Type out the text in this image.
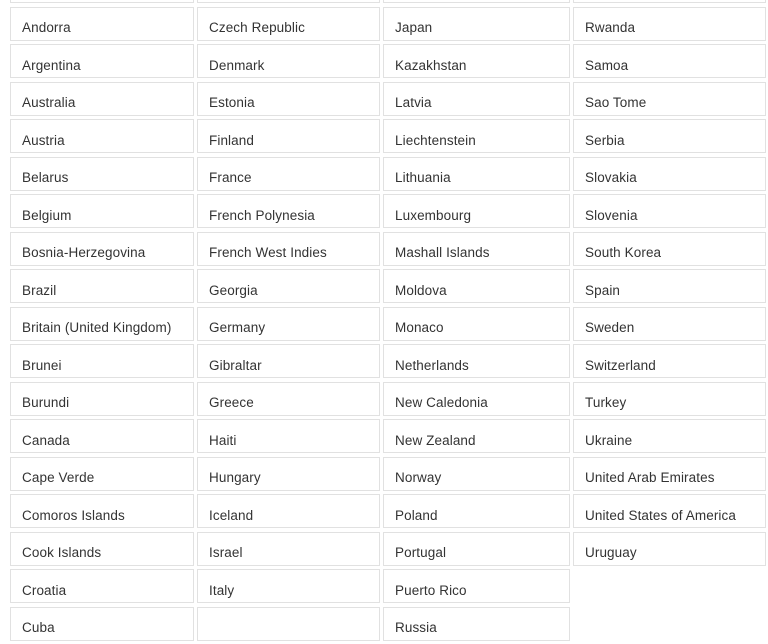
Andorra
Argentina
Australia
Austria
Belarus
Belgium
Bosnia-Herzegovina
Brazil
Britain (United Kingdom)
Brunei
Burundi
Canada
Cape Verde
Comoros Islands
Cook Islands
Croatia
Cuba
Czech Republic
Denmark
Estonia
Finland
France
French Polynesia
French West Indies
Georgia
Germany
Gibraltar
Greece
Haiti
Hungary
Iceland
Israel
Italy
Japan
Kazakhstan
Latvia
Liechtenstein
Lithuania
Luxembourg
Mashall Islands
Moldova
Monaco
Netherlands
New Caledonia
New Zealand
Norway
Poland
Portugal
Puerto Rico
Russia
Rwanda
Samoa
Sao Tome
Serbia
Slovakia
Slovenia
South Korea
Spain
Sweden
Switzerland
Turkey
Ukraine
United Arab Emirates
United States of America
Uruguay
